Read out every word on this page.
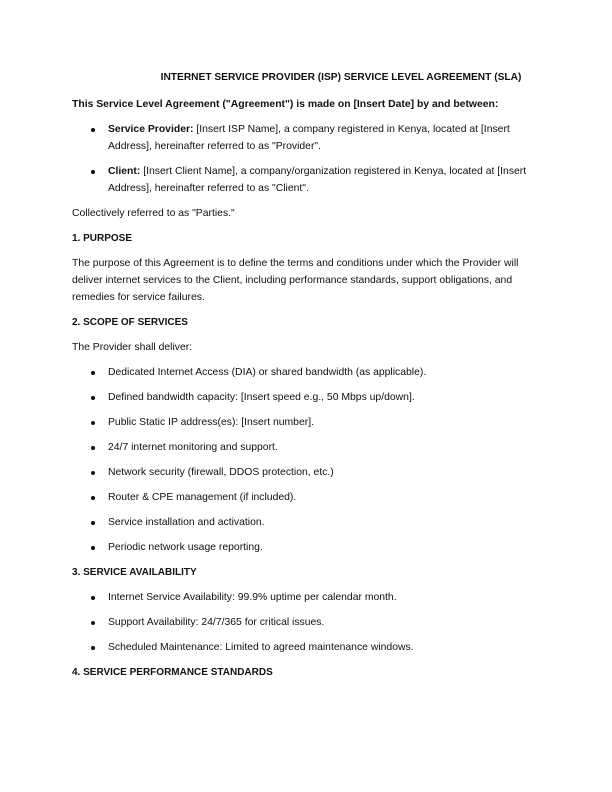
INTERNET SERVICE PROVIDER (ISP) SERVICE LEVEL AGREEMENT (SLA)

This Service Level Agreement ("Agreement") is made on [Insert Date] by and between:

Service Provider: [Insert ISP Name], a company registered in Kenya, located at [Insert Address], hereinafter referred to as "Provider".
Client: [Insert Client Name], a company/organization registered in Kenya, located at [Insert Address], hereinafter referred to as "Client".

Collectively referred to as "Parties."

1. PURPOSE

The purpose of this Agreement is to define the terms and conditions under which the Provider will deliver internet services to the Client, including performance standards, support obligations, and remedies for service failures.

2. SCOPE OF SERVICES

The Provider shall deliver:

Dedicated Internet Access (DIA) or shared bandwidth (as applicable).
Defined bandwidth capacity: [Insert speed e.g., 50 Mbps up/down].
Public Static IP address(es): [Insert number].
24/7 internet monitoring and support.
Network security (firewall, DDOS protection, etc.)
Router & CPE management (if included).
Service installation and activation.
Periodic network usage reporting.

3. SERVICE AVAILABILITY

Internet Service Availability: 99.9% uptime per calendar month.
Support Availability: 24/7/365 for critical issues.
Scheduled Maintenance: Limited to agreed maintenance windows.

4. SERVICE PERFORMANCE STANDARDS
